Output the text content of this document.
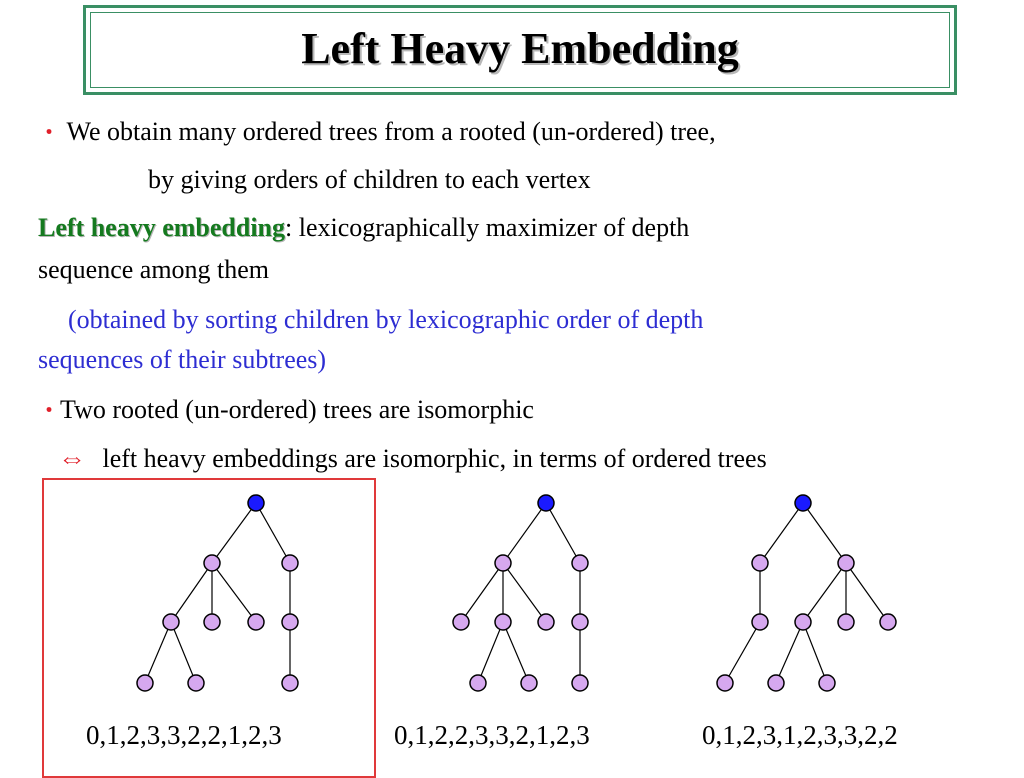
Left Heavy Embedding
・ We obtain many ordered trees from a rooted (un-ordered) tree,
by giving orders of children to each vertex
Left heavy embedding: lexicographically maximizer of depth
sequence among them
(obtained by sorting children by lexicographic order of depth
sequences of their subtrees)
・Two rooted (un-ordered) trees are isomorphic
⇔ left heavy embeddings are isomorphic, in terms of ordered trees
0,1,2,3,3,2,2,1,2,3	0,1,2,2,3,3,2,1,2,3	0,1,2,3,1,2,3,3,2,2
